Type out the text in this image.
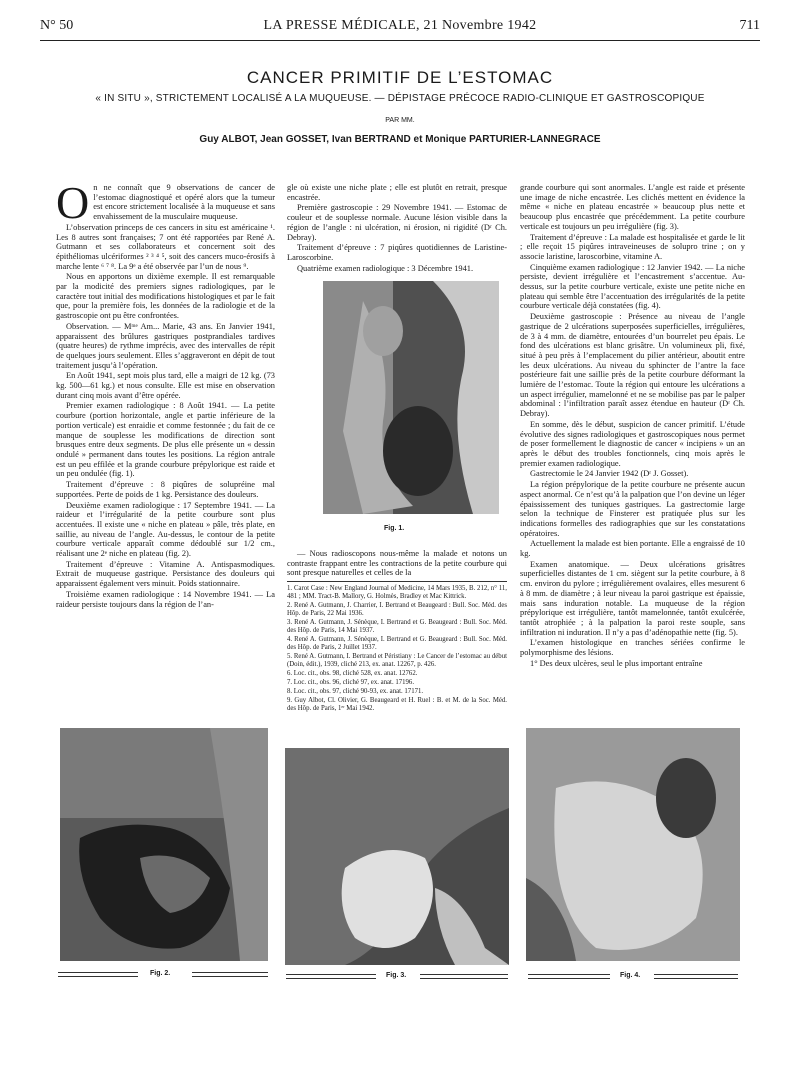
N° 50	LA PRESSE MÉDICALE, 21 Novembre 1942	711
CANCER PRIMITIF DE L’ESTOMAC
« IN SITU », STRICTEMENT LOCALISÉ A LA MUQUEUSE. — DÉPISTAGE PRÉCOCE RADIO-CLINIQUE ET GASTROSCOPIQUE
PAR MM.
Guy ALBOT, Jean GOSSET, Ivan BERTRAND et Monique PARTURIER-LANNEGRACE

On ne connaît que 9 observations de cancer de l’estomac diagnostiqué et opéré alors que la tumeur est encore strictement localisée à la muqueuse et sans envahissement de la musculaire muqueuse.

L’observation princeps de ces cancers in situ est américaine ¹. Les 8 autres sont françaises; 7 ont été rapportées par René A. Gutmann et ses collaborateurs et concernent soit des épithéliomas ulcériformes ² ³ ⁴ ⁵, soit des cancers muco-érosifs à marche lente ⁶ ⁷ ⁸. La 9ᵉ a été observée par l’un de nous ⁹.

Nous en apportons un dixième exemple. Il est remarquable par la modicité des premiers signes radiologiques, par le caractère tout initial des modifications histologiques et par le fait que, pour la première fois, les données de la radiologie et de la gastroscopie ont pu être confrontées.

Observation. — Mᵐᵉ Am... Marie, 43 ans. En Janvier 1941, apparaissent des brûlures gastriques postprandiales tardives (quatre heures) de rythme imprécis, avec des intervalles de répit de quelques jours seulement. Elles s’aggraveront en dépit de tout traitement jusqu’à l’opération.

En Août 1941, sept mois plus tard, elle a maigri de 12 kg. (73 kg. 500—61 kg.) et nous consulte. Elle est mise en observation durant cinq mois avant d’être opérée.

Premier examen radiologique : 8 Août 1941. — La petite courbure (portion horizontale, angle et partie inférieure de la portion verticale) est enraidie et comme festonnée ; du fait de ce manque de souplesse les modifications de direction sont brusques entre deux segments. De plus elle présente un « dessin ondulé » permanent dans toutes les positions. La région antrale est un peu effilée et la grande courbure prépylorique est raide et un peu ondulée (fig. 1).

Traitement d’épreuve : 8 piqûres de solupréine mal supportées. Perte de poids de 1 kg. Persistance des douleurs.

Deuxième examen radiologique : 17 Septembre 1941. — La raideur et l’irrégularité de la petite courbure sont plus accentuées. Il existe une « niche en plateau » pâle, très plate, en saillie, au niveau de l’angle. Au-dessus, le contour de la petite courbure verticale apparaît comme dédoublé sur 1/2 cm., réalisant une 2ᵉ niche en plateau (fig. 2).

Traitement d’épreuve : Vitamine A. Antispasmodiques. Extrait de muqueuse gastrique. Persistance des douleurs qui apparaissent également vers minuit. Poids stationnaire.

Troisième examen radiologique : 14 Novembre 1941. — La raideur persiste toujours dans la région de l’an-

gle où existe une niche plate ; elle est plutôt en retrait, presque encastrée.

Première gastroscopie : 29 Novembre 1941. — Estomac de couleur et de souplesse normale. Aucune lésion visible dans la région de l’angle : ni ulcération, ni érosion, ni rigidité (Dʳ Ch. Debray).

Traitement d’épreuve : 7 piqûres quotidiennes de Laristine-Laroscorbine.

Quatrième examen radiologique : 3 Décembre 1941.

Fig. 1.

— Nous radioscopons nous-même la malade et notons un contraste frappant entre les contractions de la petite courbure qui sont presque naturelles et celles de la

1. Carot Case : New England Journal of Medicine, 14 Mars 1935, B. 212, n° 11, 481 ; MM. Tract-B. Mallory, G. Holmès, Bradley et Mac Kittrick.
2. René A. Gutmann, J. Charrier, I. Bertrand et Beaugeard : Bull. Soc. Méd. des Hôp. de Paris, 22 Mai 1936.
3. René A. Gutmann, J. Sénèque, I. Bertrand et G. Beaugeard : Bull. Soc. Méd. des Hôp. de Paris, 14 Mai 1937.
4. René A. Gutmann, J. Sénèque, I. Bertrand et G. Beaugeard : Bull. Soc. Méd. des Hôp. de Paris, 2 Juillet 1937.
5. René A. Gutmann, I. Bertrand et Péristiany : Le Cancer de l’estomac au début (Doin, édit.), 1939, cliché 213, ex. anat. 12267, p. 426.
6. Loc. cit., obs. 98, cliché 528, ex. anat. 12762.
7. Loc. cit., obs. 96, cliché 97, ex. anat. 17196.
8. Loc. cit., obs. 97, cliché 90-93, ex. anat. 17171.
9. Guy Albot, Cl. Olivier, G. Beaugeard et H. Ruel : B. et M. de la Soc. Méd. des Hôp. de Paris, 1ᵉʳ Mai 1942.

grande courbure qui sont anormales. L’angle est raide et présente une image de niche encastrée. Les clichés mettent en évidence la même « niche en plateau encastrée » beaucoup plus nette et beaucoup plus encastrée que précédemment. La petite courbure verticale est toujours un peu irrégulière (fig. 3).

Traitement d’épreuve : La malade est hospitalisée et garde le lit ; elle reçoit 15 piqûres intraveineuses de solupro trine ; on y associe laristine, laroscorbine, vitamine A.

Cinquième examen radiologique : 12 Janvier 1942. — La niche persiste, devient irrégulière et l’encastrement s’accentue. Au-dessus, sur la petite courbure verticale, existe une petite niche en plateau qui semble être l’accentuation des irrégularités de la petite courbure verticale déjà constatées (fig. 4).

Deuxième gastroscopie : Présence au niveau de l’angle gastrique de 2 ulcérations superposées superficielles, irrégulières, de 3 à 4 mm. de diamètre, entourées d’un bourrelet peu épais. Le fond des ulcérations est blanc grisâtre. Un volumineux pli, fixé, situé à peu près à l’emplacement du pilier antérieur, aboutit entre les deux ulcérations. Au niveau du sphincter de l’antre la face postérieure fait une saillie près de la petite courbure déformant la lumière de l’estomac. Toute la région qui entoure les ulcérations a un aspect irrégulier, mamelonné et ne se mobilise pas par le palper abdominal : l’infiltration paraît assez étendue en hauteur (Dʳ Ch. Debray).

En somme, dès le début, suspicion de cancer primitif. L’étude évolutive des signes radiologiques et gastroscopiques nous permet de poser formellement le diagnostic de cancer « incipiens » un an après le début des troubles fonctionnels, cinq mois après le premier examen radiologique.

Gastrectomie le 24 Janvier 1942 (Dʳ J. Gosset).

La région prépylorique de la petite courbure ne présente aucun aspect anormal. Ce n’est qu’à la palpation que l’on devine un léger épaississement des tuniques gastriques. La gastrectomie large selon la technique de Finsterer est pratiquée plus sur les indications formelles des radiographies que sur les constatations opératoires.

Actuellement la malade est bien portante. Elle a engraissé de 10 kg.

Examen anatomique. — Deux ulcérations grisâtres superficielles distantes de 1 cm. siègent sur la petite courbure, à 8 cm. environ du pylore ; irrégulièrement ovalaires, elles mesurent 6 à 8 mm. de diamètre ; à leur niveau la paroi gastrique est épaissie, mais sans induration notable. La muqueuse de la région prépylorique est irrégulière, tantôt mamelonnée, tantôt exulcérée, tantôt atrophiée ; à la palpation la paroi reste souple, sans infiltration ni induration. Il n’y a pas d’adénopathie nette (fig. 5).

L’examen histologique en tranches sériées confirme le polymorphisme des lésions.

1° Des deux ulcères, seul le plus important entraîne

Fig. 2.	Fig. 3.	Fig. 4.
